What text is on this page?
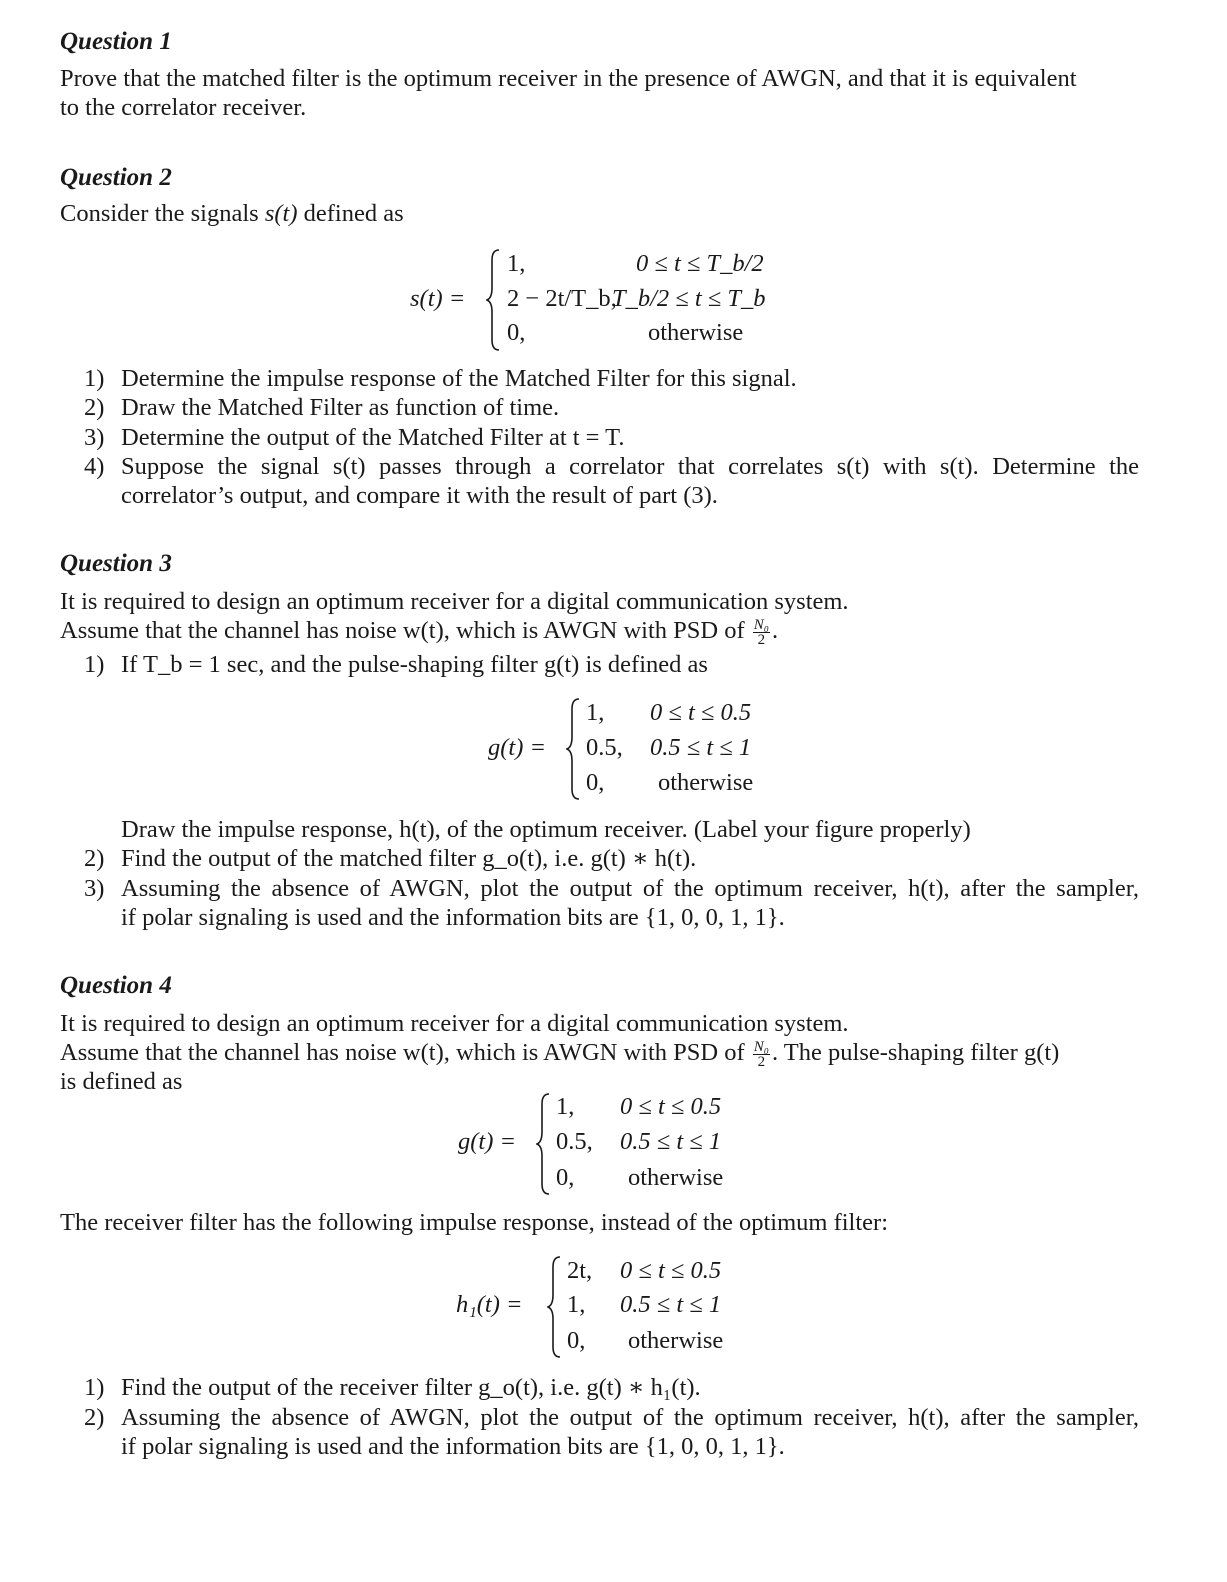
Question 1
Prove that the matched filter is the optimum receiver in the presence of AWGN, and that it is equivalent
to the correlator receiver.
Question 2
Consider the signals s(t) defined as
s(t) =
1,	0 ≤ t ≤ T_b/2
2 − 2t/T_b,
T_b/2 ≤ t ≤ T_b
0,	otherwise
1) Determine the impulse response of the Matched Filter for this signal.
2) Draw the Matched Filter as function of time.
3) Determine the output of the Matched Filter at t = T.
4) Suppose the signal s(t) passes through a correlator that correlates s(t) with s(t). Determine the
correlator’s output, and compare it with the result of part (3).
Question 3
It is required to design an optimum receiver for a digital communication system.
Assume that the channel has noise w(t), which is AWGN with PSD of $\frac{\text{N₀}}{2}$ .
1) If T_b = 1 sec, and the pulse-shaping filter g(t) is defined as
g(t) =
1, 0 ≤ t ≤ 0.5
0.5, 0.5 ≤ t ≤ 1
0, otherwise
Draw the impulse response, h(t), of the optimum receiver. (Label your figure properly)
2) Find the output of the matched filter g_o(t), i.e. g(t) ∗ h(t).
3) Assuming the absence of AWGN, plot the output of the optimum receiver, h(t), after the sampler,
if polar signaling is used and the information bits are {1, 0, 0, 1, 1}.
Question 4
It is required to design an optimum receiver for a digital communication system.
Assume that the channel has noise w(t), which is AWGN with PSD of $\frac{\text{N₀}}{2}$ . The pulse-shaping filter g(t)
is defined as
g(t) =
1, 0 ≤ t ≤ 0.5
0.5, 0.5 ≤ t ≤ 1
0, otherwise
The receiver filter has the following impulse response, instead of the optimum filter:
h₁(t) =
2t, 0 ≤ t ≤ 0.5
1, 0.5 ≤ t ≤ 1
0, otherwise
1) Find the output of the receiver filter g_o(t), i.e. g(t) ∗ h₁(t).
2) Assuming the absence of AWGN, plot the output of the optimum receiver, h(t), after the sampler,
if polar signaling is used and the information bits are {1, 0, 0, 1, 1}.
